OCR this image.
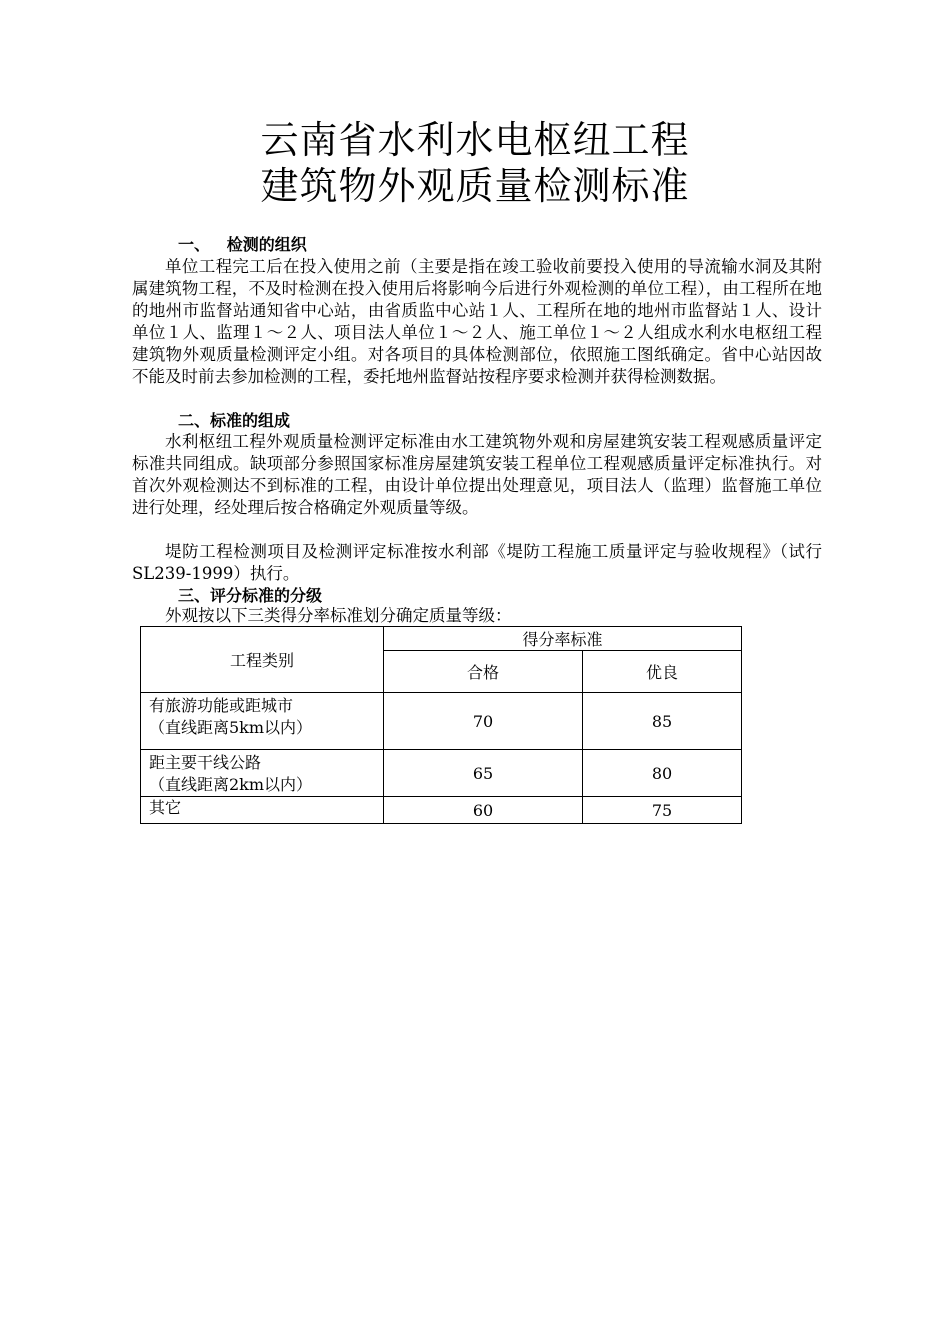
云南省水利水电枢纽工程
建筑物外观质量检测标准
一、   检测的组织
单位工程完工后在投入使用之前（主要是指在竣工验收前要投入使用的导流输水洞及其附属建筑物工程，不及时检测在投入使用后将影响今后进行外观检测的单位工程），由工程所在地的地州市监督站通知省中心站，由省质监中心站１人、工程所在地的地州市监督站１人、设计单位１人、监理１～２人、项目法人单位１～２人、施工单位１～２人组成水利水电枢纽工程建筑物外观质量检测评定小组。对各项目的具体检测部位，依照施工图纸确定。省中心站因故不能及时前去参加检测的工程，委托地州监督站按程序要求检测并获得检测数据。
二、标准的组成
水利枢纽工程外观质量检测评定标准由水工建筑物外观和房屋建筑安装工程观感质量评定标准共同组成。缺项部分参照国家标准房屋建筑安装工程单位工程观感质量评定标准执行。对首次外观检测达不到标准的工程，由设计单位提出处理意见，项目法人（监理）监督施工单位进行处理，经处理后按合格确定外观质量等级。
堤防工程检测项目及检测评定标准按水利部《堤防工程施工质量评定与验收规程》（试行SL239-1999）执行。
三、评分标准的分级
外观按以下三类得分率标准划分确定质量等级：
工程类别	得分率标准	
	合格	优良

有旅游功能或距城市
（直线距离5km以内）	70	85

距主要干线公路
（直线距离2km以内）	65	80

其它	60	75
